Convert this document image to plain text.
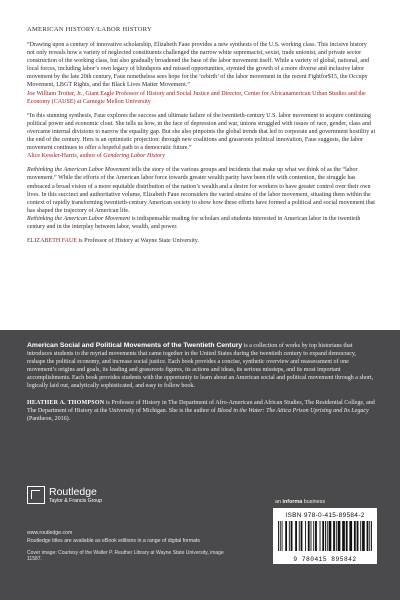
AMERICAN HISTORY/LABOR HISTORY

“Drawing upon a century of innovative scholarship, Elizabeth Faue provides a new synthesis of the U.S. working class. This incisive history not only reveals how a variety of neglected constituents challenged the narrow white supremacist, sexist, trade unionist, and private sector construction of the working class, but also gradually broadened the base of the labor movement itself. While a variety of global, national, and local forces, including labor’s own legacy of blindspots and missed opportunities, stymied the growth of a more diverse and inclusive labor movement by the late 20th century, Faue nonetheless sees hope for the ‘rebirth’ of the labor movement in the recent Fightfor$15, the Occupy Movement, LBGT Rights, and the Black Lives Matter Movement.”

Joe William Trotter, Jr., Giant Eagle Professor of History and Social Justice and Director, Center for Africanamerican Urban Studies and the Economy (CAUSE) at Carnegie Mellon University

“In this stunning synthesis, Faue explores the success and ultimate failure of the twentieth-century U.S. labor movement to acquire continuing political power and economic clout. She tells us how, in the face of depression and war, unions struggled with issues of race, gender, class and overcame internal divisions to narrow the equality gap. But she also pinpoints the global trends that led to corporate and government hostility at the end of the century. Hers is an optimistic projection: through new coalitions and grassroots political innovation, Faue suggests, the labor movement continues to offer a hopeful path to a democratic future.”

Alice Kessler-Harris, author of Gendering Labor History

Rethinking the American Labor Movement tells the story of the various groups and incidents that make up what we think of as the “labor movement.” While the efforts of the American labor force towards greater wealth parity have been rife with contention, the struggle has embraced a broad vision of a more equitable distribution of the nation’s wealth and a desire for workers to have greater control over their own lives. In this succinct and authoritative volume, Elizabeth Faue reconsiders the varied strains of the labor movement, situating them within the context of rapidly transforming twentieth-century American society to show how these efforts have formed a political and social movement that has shaped the trajectory of American life.

Rethinking the American Labor Movement is indispensable reading for scholars and students interested in American labor in the twentieth century and in the interplay between labor, wealth, and power.

ELIZABETH FAUE is Professor of History at Wayne State University.
American Social and Political Movements of the Twentieth Century is a collection of works by top historians that introduces students to the myriad movements that came together in the United States during the twentieth century to expand democracy, reshape the political economy, and increase social justice. Each book provides a concise, synthetic overview and reassessment of one movement’s origins and goals, its leading and grassroots figures, its actions and ideas, its serious missteps, and its most important accomplishments. Each book provides students with the opportunity to learn about an American social and political movement through a short, logically laid out, analytically sophisticated, and easy to follow book.
HEATHER A. THOMPSON is Professor of History in The Department of Afro-American and African Studies, The Residential College, and The Department of History at the University of Michigan. She is the author of Blood in the Water: The Attica Prison Uprising and Its Legacy (Pantheon, 2016).
Routledge
Taylor & Francis Group
www.routledge.com
Routledge titles are available as eBook editions in a range of digital formats
Cover image: Courtesy of the Walter P. Reuther Library at Wayne State University, image 11587.
an informa business
ISBN 978-0-415-89584-2
9 780415 895842
